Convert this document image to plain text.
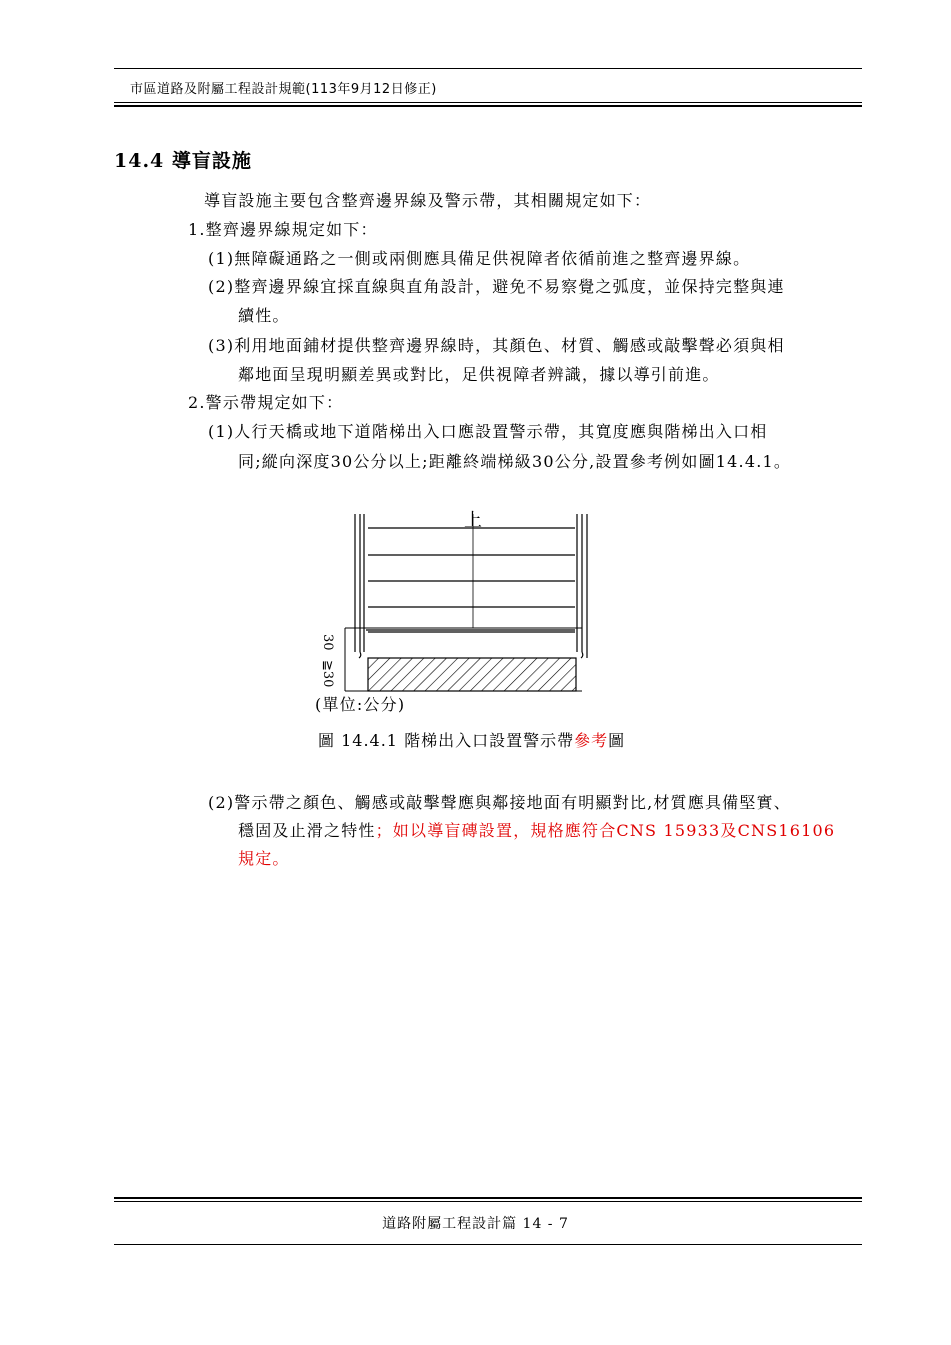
市區道路及附屬工程設計規範(113年9月12日修正)
14.4 導盲設施
導盲設施主要包含整齊邊界線及警示帶，其相關規定如下：
1.整齊邊界線規定如下：
(1)無障礙通路之一側或兩側應具備足供視障者依循前進之整齊邊界線。
(2)整齊邊界線宜採直線與直角設計，避免不易察覺之弧度，並保持完整與連
續性。
(3)利用地面鋪材提供整齊邊界線時，其顏色、材質、觸感或敲擊聲必須與相
鄰地面呈現明顯差異或對比，足供視障者辨識，據以導引前進。
2.警示帶規定如下：
(1)人行天橋或地下道階梯出入口應設置警示帶，其寬度應與階梯出入口相
同;縱向深度30公分以上;距離終端梯級30公分,設置參考例如圖14.4.1。
上
30
≧30
(單位:公分)
圖 14.4.1 階梯出入口設置警示帶參考圖
(2)警示帶之顏色、觸感或敲擊聲應與鄰接地面有明顯對比,材質應具備堅實、
穩固及止滑之特性；如以導盲磚設置，規格應符合CNS 15933及CNS16106
規定。
道路附屬工程設計篇 14 - 7
